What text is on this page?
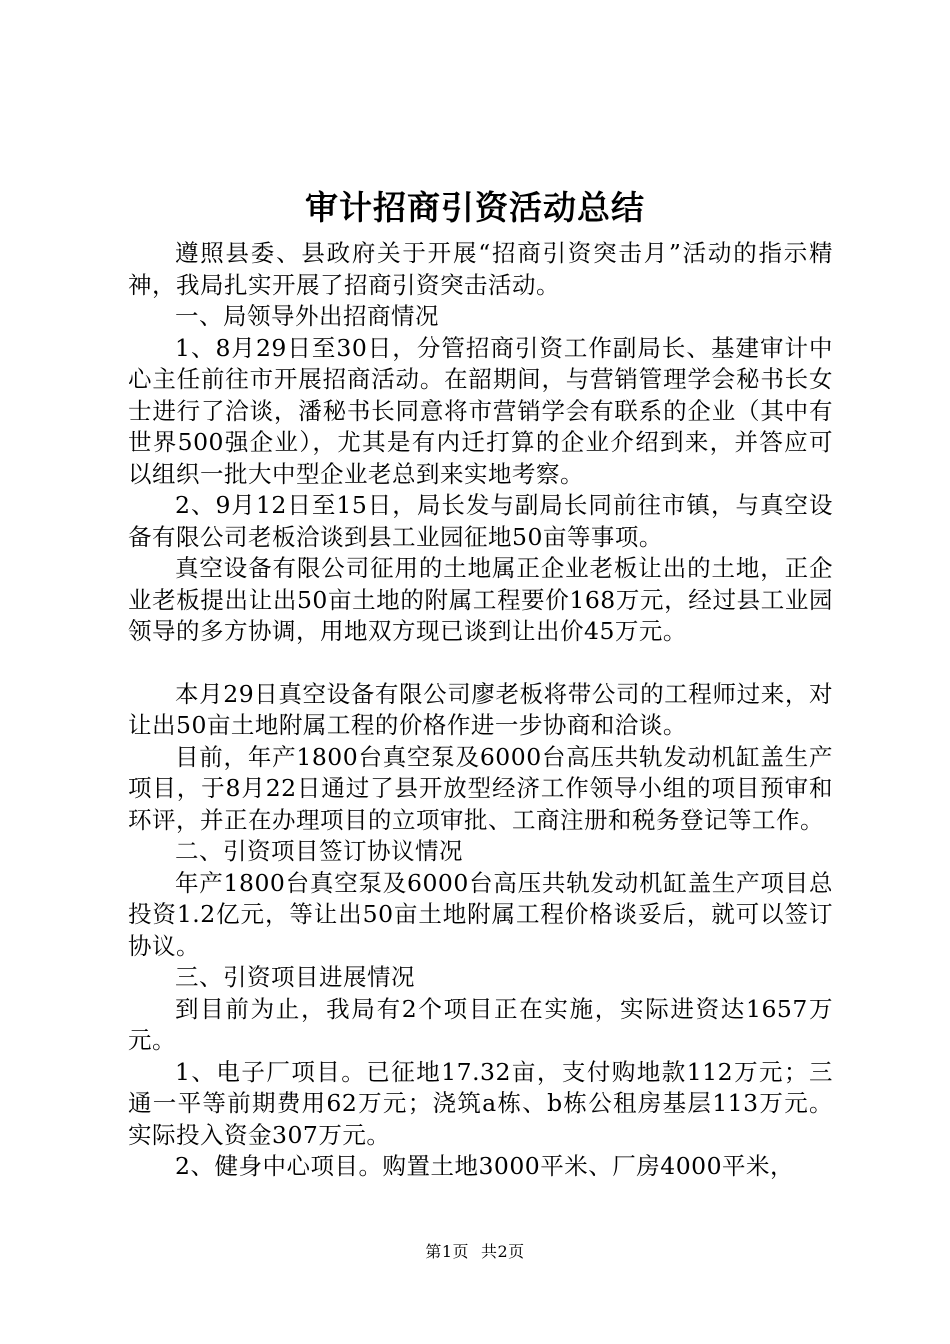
审计招商引资活动总结

遵照县委、县政府关于开展“招商引资突击月”活动的指示精神，我局扎实开展了招商引资突击活动。

一、局领导外出招商情况

1、8月29日至30日，分管招商引资工作副局长、基建审计中心主任前往市开展招商活动。在韶期间，与营销管理学会秘书长女士进行了洽谈，潘秘书长同意将市营销学会有联系的企业（其中有世界500强企业），尤其是有内迁打算的企业介绍到来，并答应可以组织一批大中型企业老总到来实地考察。

2、9月12日至15日，局长发与副局长同前往市镇，与真空设备有限公司老板洽谈到县工业园征地50亩等事项。

真空设备有限公司征用的土地属正企业老板让出的土地，正企业老板提出让出50亩土地的附属工程要价168万元，经过县工业园领导的多方协调，用地双方现已谈到让出价45万元。

本月29日真空设备有限公司廖老板将带公司的工程师过来，对让出50亩土地附属工程的价格作进一步协商和洽谈。

目前，年产1800台真空泵及6000台高压共轨发动机缸盖生产项目，于8月22日通过了县开放型经济工作领导小组的项目预审和环评，并正在办理项目的立项审批、工商注册和税务登记等工作。

二、引资项目签订协议情况

年产1800台真空泵及6000台高压共轨发动机缸盖生产项目总投资1.2亿元，等让出50亩土地附属工程价格谈妥后，就可以签订协议。

三、引资项目进展情况

到目前为止，我局有2个项目正在实施，实际进资达1657万元。

1、电子厂项目。已征地17.32亩，支付购地款112万元；三通一平等前期费用62万元；浇筑a栋、b栋公租房基层113万元。实际投入资金307万元。

2、健身中心项目。购置土地3000平米、厂房4000平米，

第1页 共2页
